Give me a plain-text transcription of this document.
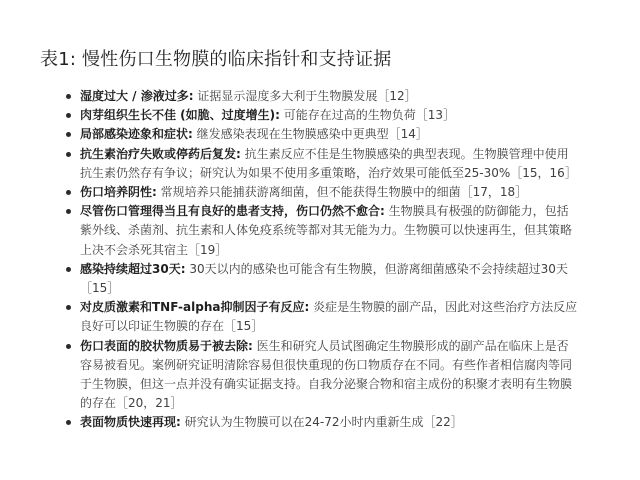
表1: 慢性伤口生物膜的临床指针和支持证据
湿度过大 / 渗液过多: 证据显示湿度多大利于生物膜发展［12］
肉芽组织生长不佳 (如脆、过度增生): 可能存在过高的生物负荷［13］
局部感染迹象和症状: 继发感染表现在生物膜感染中更典型［14］
抗生素治疗失败或停药后复发: 抗生素反应不佳是生物膜感染的典型表现。生物膜管理中使用抗生素仍然存有争议；研究认为如果不使用多重策略，治疗效果可能低至25-30%［15，16］
伤口培养阴性: 常规培养只能捕获游离细菌，但不能获得生物膜中的细菌［17，18］
尽管伤口管理得当且有良好的患者支持，伤口仍然不愈合: 生物膜具有极强的防御能力，包括紫外线、杀菌剂、抗生素和人体免疫系统等都对其无能为力。生物膜可以快速再生，但其策略上决不会杀死其宿主［19］
感染持续超过30天: 30天以内的感染也可能含有生物膜，但游离细菌感染不会持续超过30天［15］
对皮质激素和TNF-alpha抑制因子有反应: 炎症是生物膜的副产品，因此对这些治疗方法反应良好可以印证生物膜的存在［15］
伤口表面的胶状物质易于被去除: 医生和研究人员试图确定生物膜形成的副产品在临床上是否容易被看见。案例研究证明清除容易但很快重现的伤口物质存在不同。有些作者相信腐肉等同于生物膜，但这一点并没有确实证据支持。自我分泌聚合物和宿主成份的积聚才表明有生物膜的存在［20，21］
表面物质快速再现: 研究认为生物膜可以在24-72小时内重新生成［22］
